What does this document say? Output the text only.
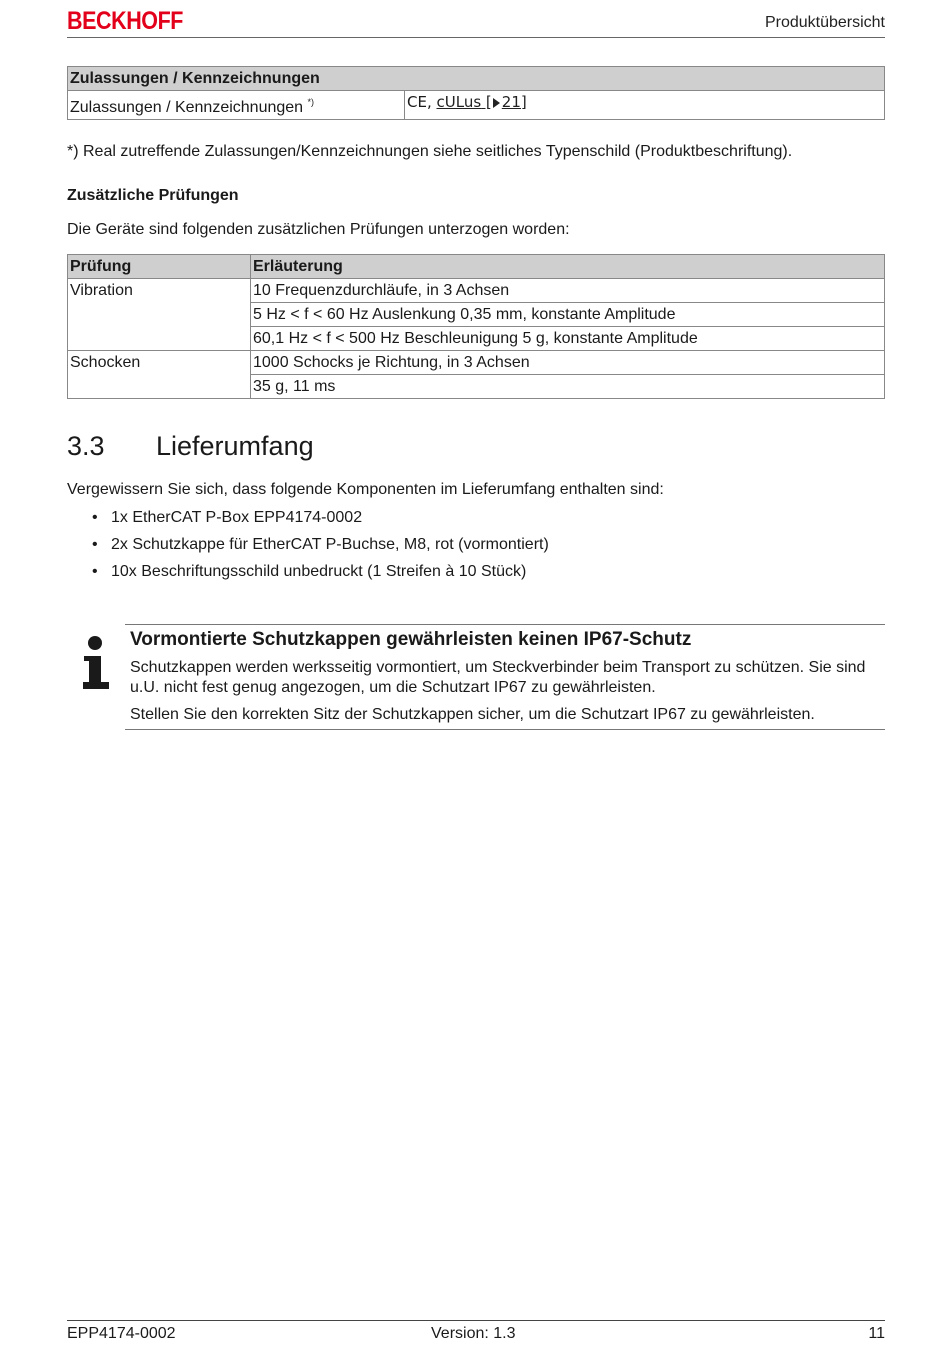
BECKHOFF	Produktübersicht
Zulassungen / Kennzeichnungen
Zulassungen / Kennzeichnungen *)	CE, cULus [ 21]
*) Real zutreffende Zulassungen/Kennzeichnungen siehe seitliches Typenschild (Produktbeschriftung).
Zusätzliche Prüfungen
Die Geräte sind folgenden zusätzlichen Prüfungen unterzogen worden:
Prüfung	Erläuterung
Vibration	10 Frequenzdurchläufe, in 3 Achsen
	5 Hz < f < 60 Hz Auslenkung 0,35 mm, konstante Amplitude
	60,1 Hz < f < 500 Hz Beschleunigung 5 g, konstante Amplitude
Schocken	1000 Schocks je Richtung, in 3 Achsen
	35 g, 11 ms
3.3 Lieferumfang
Vergewissern Sie sich, dass folgende Komponenten im Lieferumfang enthalten sind:
• 1x EtherCAT P-Box EPP4174-0002
• 2x Schutzkappe für EtherCAT P-Buchse, M8, rot (vormontiert)
• 10x Beschriftungsschild unbedruckt (1 Streifen à 10 Stück)
Vormontierte Schutzkappen gewährleisten keinen IP67-Schutz
Schutzkappen werden werksseitig vormontiert, um Steckverbinder beim Transport zu schützen. Sie sind u.U. nicht fest genug angezogen, um die Schutzart IP67 zu gewährleisten.
Stellen Sie den korrekten Sitz der Schutzkappen sicher, um die Schutzart IP67 zu gewährleisten.
EPP4174-0002	Version: 1.3	11
